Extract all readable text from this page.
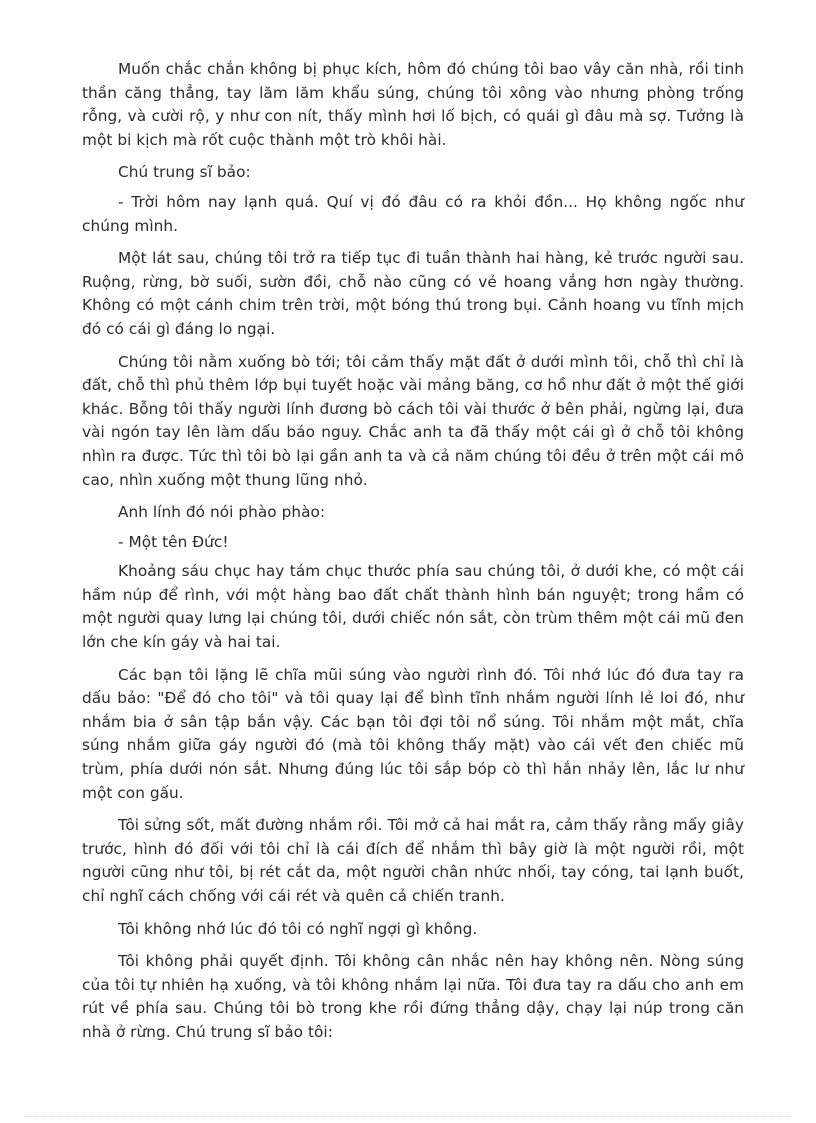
Muốn chắc chắn không bị phục kích, hôm đó chúng tôi bao vây căn nhà, rồi tinh thần căng thẳng, tay lăm lăm khẩu súng, chúng tôi xông vào nhưng phòng trống rỗng, và cười rộ, y như con nít, thấy mình hơi lố bịch, có quái gì đâu mà sợ. Tưởng là một bi kịch mà rốt cuộc thành một trò khôi hài.

Chú trung sĩ bảo:

- Trời hôm nay lạnh quá. Quí vị đó đâu có ra khỏi đồn... Họ không ngốc như chúng mình.

Một lát sau, chúng tôi trở ra tiếp tục đi tuần thành hai hàng, kẻ trước người sau. Ruộng, rừng, bờ suối, sườn đồi, chỗ nào cũng có vẻ hoang vắng hơn ngày thường. Không có một cánh chim trên trời, một bóng thú trong bụi. Cảnh hoang vu tĩnh mịch đó có cái gì đáng lo ngại.

Chúng tôi nằm xuống bò tới; tôi cảm thấy mặt đất ở dưới mình tôi, chỗ thì chỉ là đất, chỗ thì phủ thêm lớp bụi tuyết hoặc vài mảng băng, cơ hồ như đất ở một thế giới khác. Bỗng tôi thấy người lính đương bò cách tôi vài thước ở bên phải, ngừng lại, đưa vài ngón tay lên làm dấu báo nguy. Chắc anh ta đã thấy một cái gì ở chỗ tôi không nhìn ra được. Tức thì tôi bò lại gần anh ta và cả năm chúng tôi đều ở trên một cái mô cao, nhìn xuống một thung lũng nhỏ.

Anh lính đó nói phào phào:

- Một tên Đức!

Khoảng sáu chục hay tám chục thước phía sau chúng tôi, ở dưới khe, có một cái hầm núp để rình, với một hàng bao đất chất thành hình bán nguyệt; trong hầm có một người quay lưng lại chúng tôi, dưới chiếc nón sắt, còn trùm thêm một cái mũ đen lớn che kín gáy và hai tai.

Các bạn tôi lặng lẽ chĩa mũi súng vào người rình đó. Tôi nhớ lúc đó đưa tay ra dấu bảo: "Để đó cho tôi" và tôi quay lại để bình tĩnh nhắm người lính lẻ loi đó, như nhắm bia ở sân tập bắn vậy. Các bạn tôi đợi tôi nổ súng. Tôi nhắm một mắt, chĩa súng nhắm giữa gáy người đó (mà tôi không thấy mặt) vào cái vết đen chiếc mũ trùm, phía dưới nón sắt. Nhưng đúng lúc tôi sắp bóp cò thì hắn nhảy lên, lắc lư như một con gấu.

Tôi sửng sốt, mất đường nhắm rồi. Tôi mở cả hai mắt ra, cảm thấy rằng mấy giây trước, hình đó đối với tôi chỉ là cái đích để nhắm thì bây giờ là một người rồi, một người cũng như tôi, bị rét cắt da, một người chân nhức nhối, tay cóng, tai lạnh buốt, chỉ nghĩ cách chống với cái rét và quên cả chiến tranh.

Tôi không nhớ lúc đó tôi có nghĩ ngợi gì không.

Tôi không phải quyết định. Tôi không cân nhắc nên hay không nên. Nòng súng của tôi tự nhiên hạ xuống, và tôi không nhắm lại nữa. Tôi đưa tay ra dấu cho anh em rút về phía sau. Chúng tôi bò trong khe rồi đứng thẳng dậy, chạy lại núp trong căn nhà ở rừng. Chú trung sĩ bảo tôi:
